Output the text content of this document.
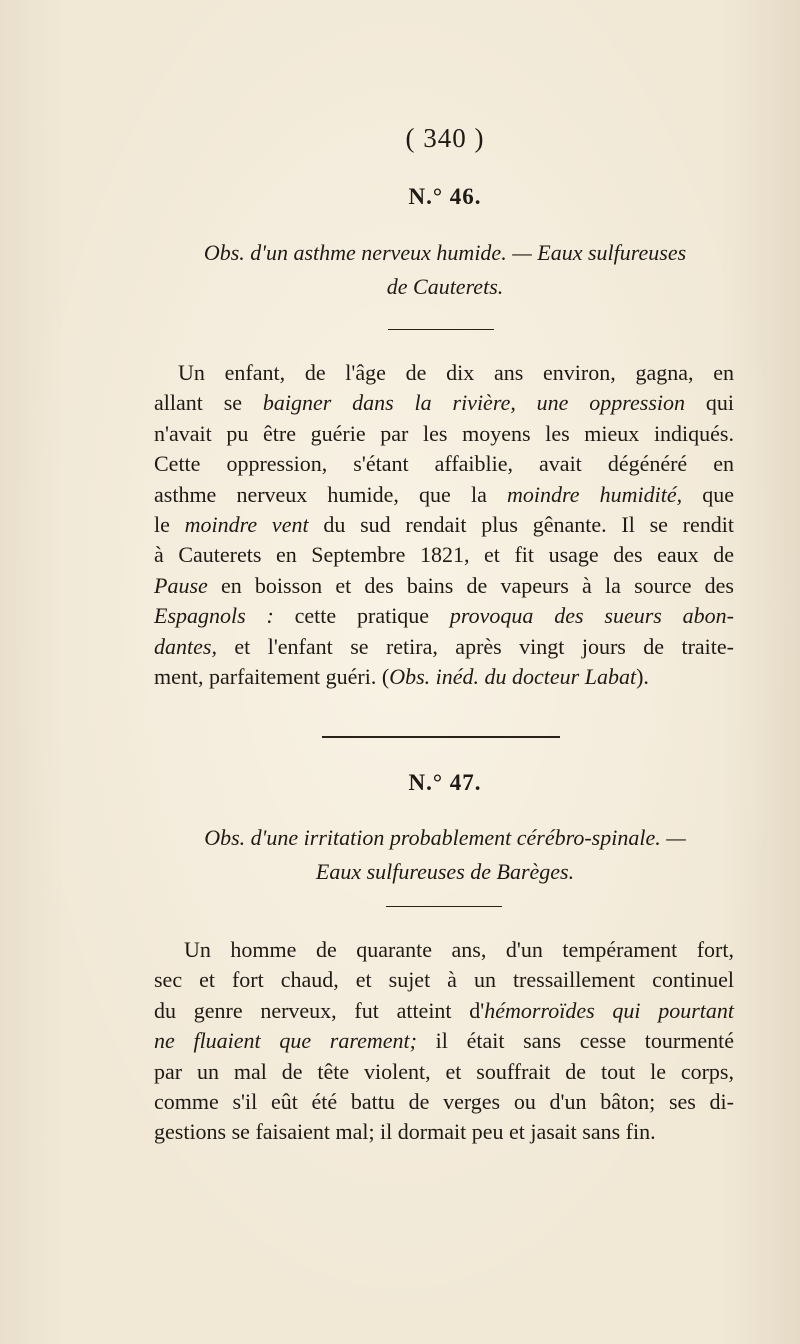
( 340 )
N.° 46.
Obs. d'un asthme nerveux humide. — Eaux sulfureuses
de Cauterets.
Un enfant, de l'âge de dix ans environ, gagna, en
allant se baigner dans la rivière, une oppression qui
n'avait pu être guérie par les moyens les mieux indiqués.
Cette oppression, s'étant affaiblie, avait dégénéré en
asthme nerveux humide, que la moindre humidité, que
le moindre vent du sud rendait plus gênante. Il se rendit
à Cauterets en Septembre 1821, et fit usage des eaux de
Pause en boisson et des bains de vapeurs à la source des
Espagnols : cette pratique provoqua des sueurs abon-
dantes, et l'enfant se retira, après vingt jours de traite-
ment, parfaitement guéri. (Obs. inéd. du docteur Labat).
N.° 47.
Obs. d'une irritation probablement cérébro-spinale. —
Eaux sulfureuses de Barèges.
Un homme de quarante ans, d'un tempérament fort,
sec et fort chaud, et sujet à un tressaillement continuel
du genre nerveux, fut atteint d'hémorroïdes qui pourtant
ne fluaient que rarement; il était sans cesse tourmenté
par un mal de tête violent, et souffrait de tout le corps,
comme s'il eût été battu de verges ou d'un bâton; ses di-
gestions se faisaient mal; il dormait peu et jasait sans fin.
